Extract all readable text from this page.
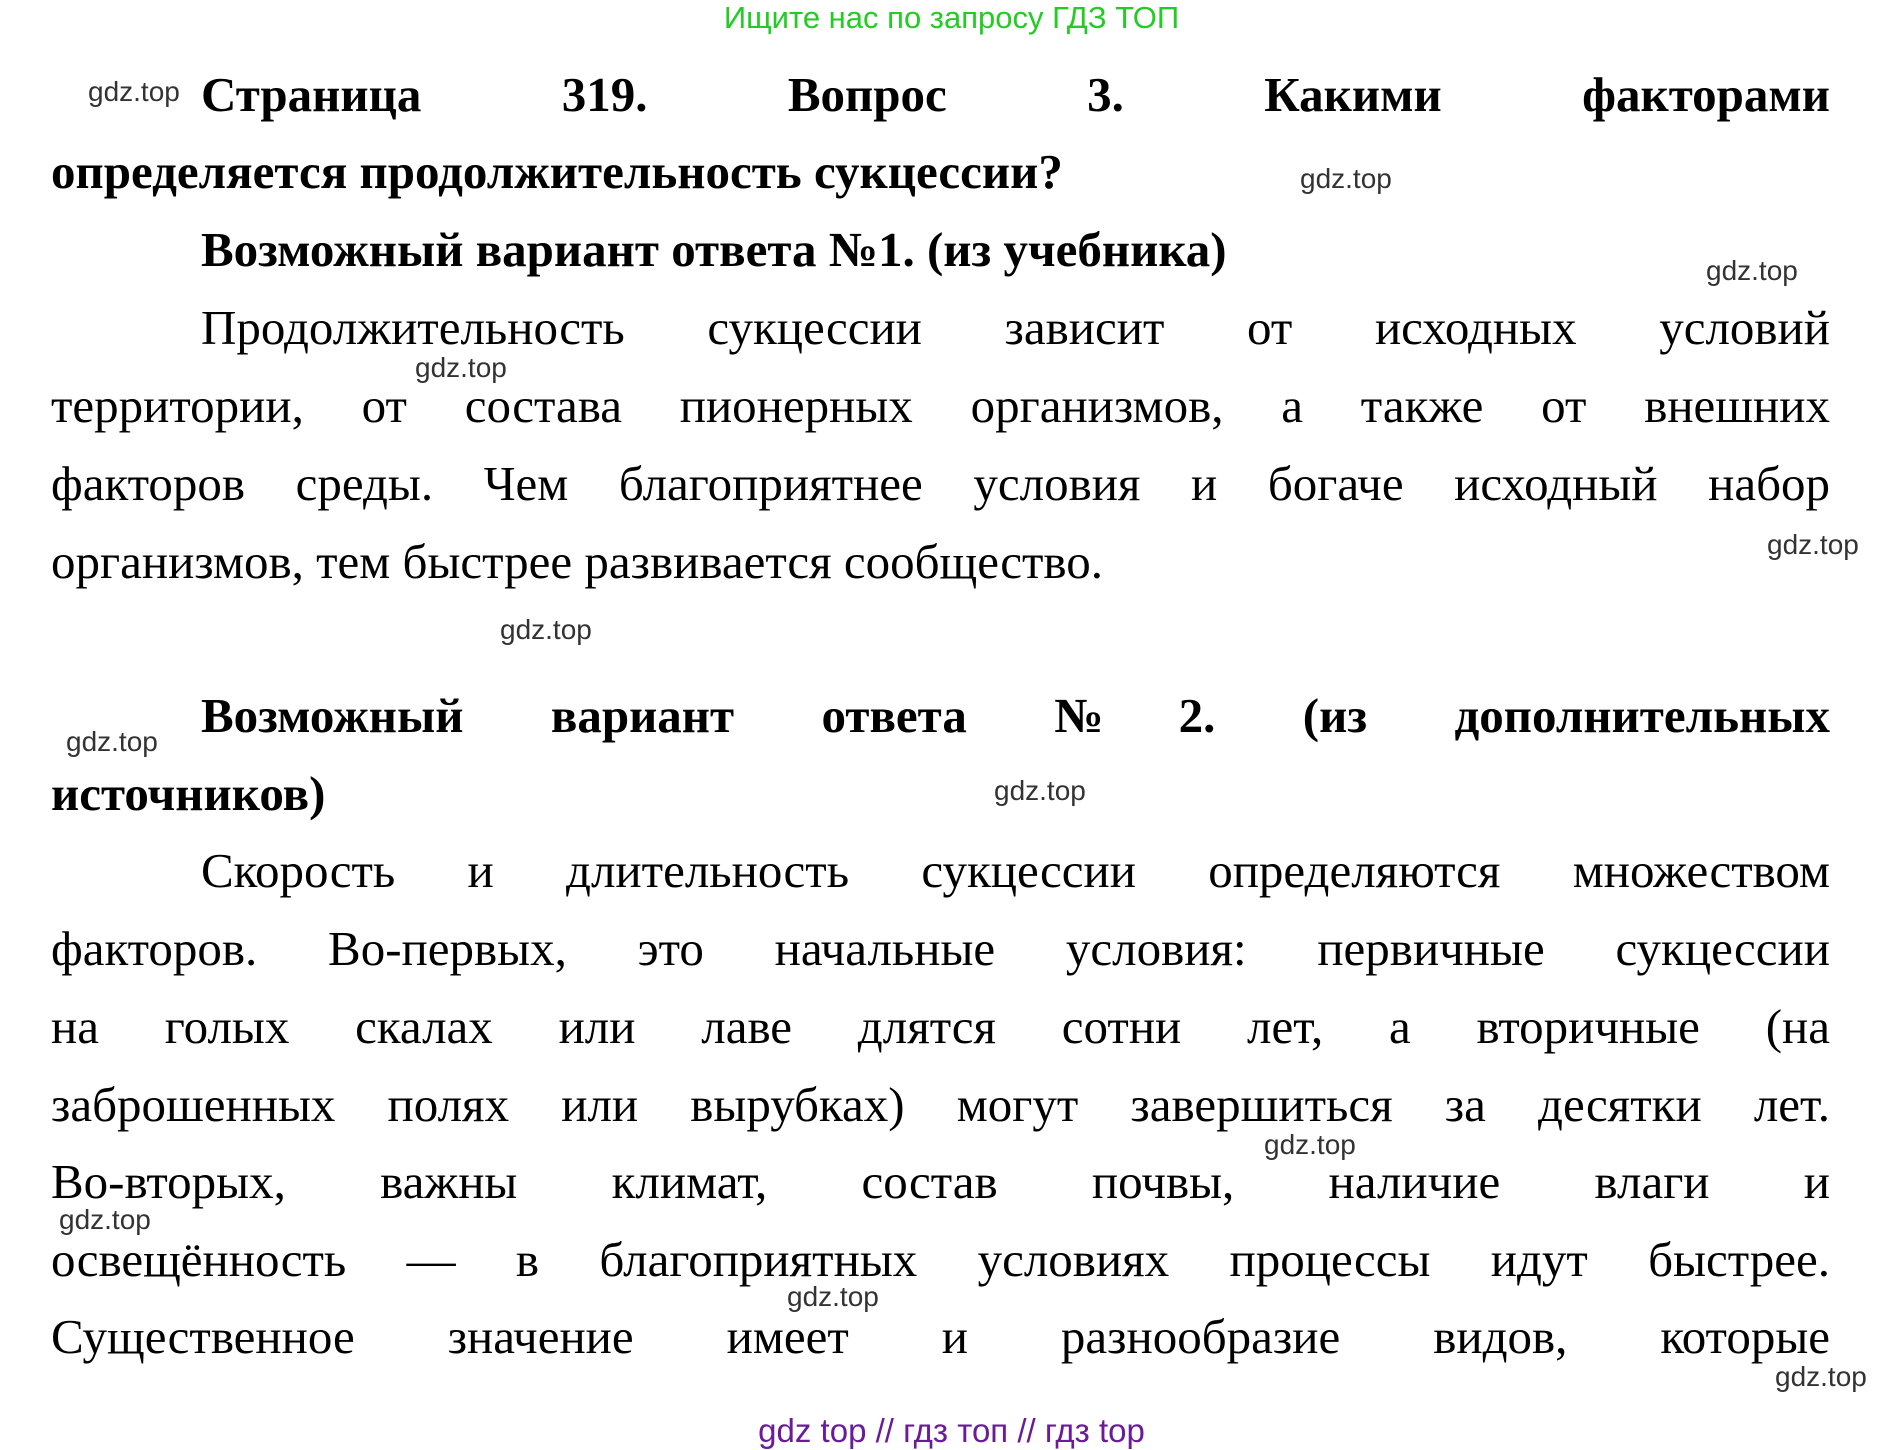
Ищите нас по запросу ГДЗ ТОП
Страница 319. Вопрос 3. Какими факторами
определяется продолжительность сукцессии?
Возможный вариант ответа №1. (из учебника)
Продолжительность сукцессии зависит от исходных условий
территории, от состава пионерных организмов, а также от внешних
факторов среды. Чем благоприятнее условия и богаче исходный набор
организмов, тем быстрее развивается сообщество.
Возможный вариант ответа №2. (из дополнительных
источников)
Скорость и длительность сукцессии определяются множеством
факторов. Во-первых, это начальные условия: первичные сукцессии
на голых скалах или лаве длятся сотни лет, а вторичные (на
заброшенных полях или вырубках) могут завершиться за десятки лет.
Во-вторых, важны климат, состав почвы, наличие влаги и
освещённость — в благоприятных условиях процессы идут быстрее.
Существенное значение имеет и разнообразие видов, которые
gdz.top
gdz.top
gdz.top
gdz.top
gdz.top
gdz.top
gdz.top
gdz.top
gdz.top
gdz.top
gdz.top
gdz.top
gdz top // гдз топ // гдз top
